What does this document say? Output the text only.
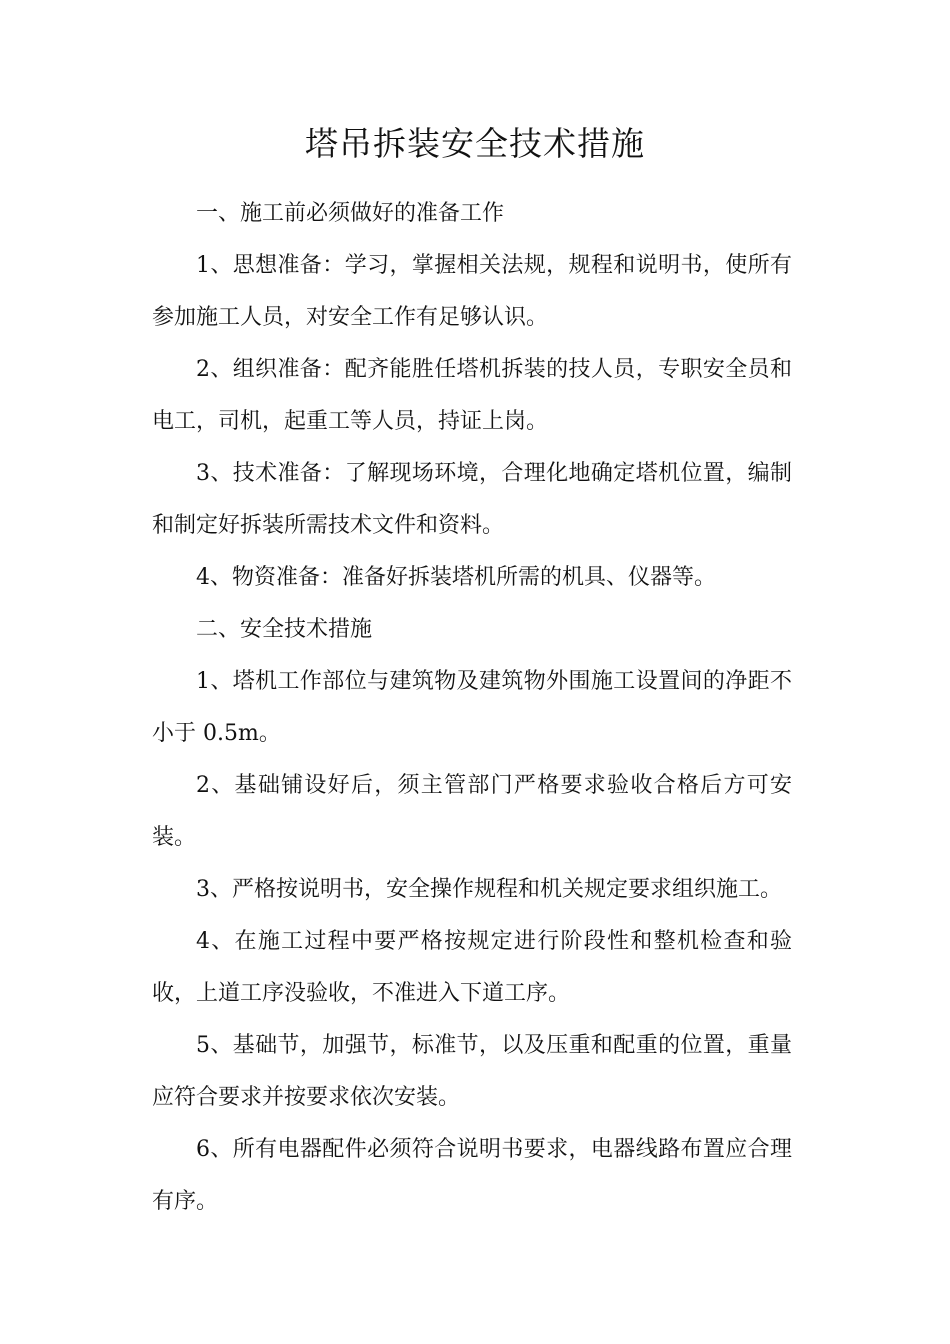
塔吊拆装安全技术措施

一、施工前必须做好的准备工作

1、思想准备：学习，掌握相关法规，规程和说明书，使所有参加施工人员，对安全工作有足够认识。

2、组织准备：配齐能胜任塔机拆装的技人员，专职安全员和电工，司机，起重工等人员，持证上岗。

3、技术准备：了解现场环境，合理化地确定塔机位置，编制和制定好拆装所需技术文件和资料。

4、物资准备：准备好拆装塔机所需的机具、仪器等。

二、安全技术措施

1、塔机工作部位与建筑物及建筑物外围施工设置间的净距不小于 0.5m。

2、基础铺设好后，须主管部门严格要求验收合格后方可安装。

3、严格按说明书，安全操作规程和机关规定要求组织施工。

4、在施工过程中要严格按规定进行阶段性和整机检查和验收，上道工序没验收，不准进入下道工序。

5、基础节，加强节，标准节，以及压重和配重的位置，重量应符合要求并按要求依次安装。

6、所有电器配件必须符合说明书要求，电器线路布置应合理有序。
